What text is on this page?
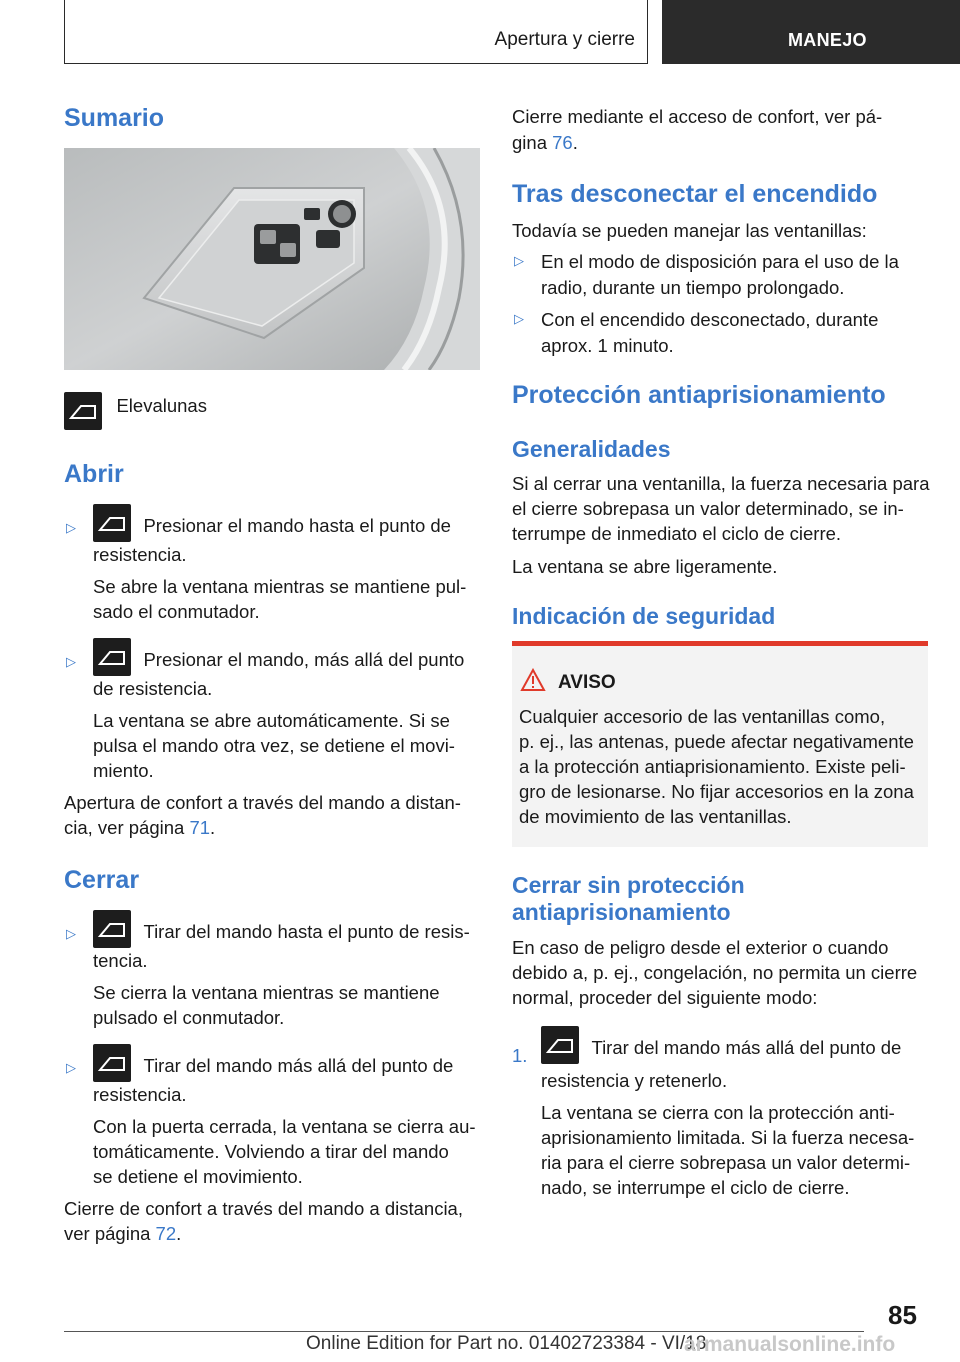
Apertura y cierre	MANEJO
Sumario
Elevalunas
Abrir
▷	Presionar el mando hasta el punto de
resistencia.
Se abre la ventana mientras se mantiene pul-
sado el conmutador.
▷	Presionar el mando, más allá del punto
de resistencia.
La ventana se abre automáticamente. Si se
pulsa el mando otra vez, se detiene el movi-
miento.
Apertura de confort a través del mando a distan-
cia, ver página 71.
Cerrar
▷	Tirar del mando hasta el punto de resis-
tencia.
Se cierra la ventana mientras se mantiene
pulsado el conmutador.
▷	Tirar del mando más allá del punto de
resistencia.
Con la puerta cerrada, la ventana se cierra au-
tomáticamente. Volviendo a tirar del mando
se detiene el movimiento.
Cierre de confort a través del mando a distancia,
ver página 72.
Cierre mediante el acceso de confort, ver pá-
gina 76.
Tras desconectar el encendido
Todavía se pueden manejar las ventanillas:
▷ En el modo de disposición para el uso de la
radio, durante un tiempo prolongado.
▷ Con el encendido desconectado, durante
aprox. 1 minuto.
Protección antiaprisionamiento
Generalidades
Si al cerrar una ventanilla, la fuerza necesaria para
el cierre sobrepasa un valor determinado, se in-
terrumpe de inmediato el ciclo de cierre.
La ventana se abre ligeramente.
Indicación de seguridad
AVISO
Cualquier accesorio de las ventanillas como,
p. ej., las antenas, puede afectar negativamente
a la protección antiaprisionamiento. Existe peli-
gro de lesionarse. No fijar accesorios en la zona
de movimiento de las ventanillas.
Cerrar sin protección
antiaprisionamiento
En caso de peligro desde el exterior o cuando
debido a, p. ej., congelación, no permita un cierre
normal, proceder del siguiente modo:
1.	Tirar del mando más allá del punto de
resistencia y retenerlo.
La ventana se cierra con la protección anti-
aprisionamiento limitada. Si la fuerza necesa-
ria para el cierre sobrepasa un valor determi-
nado, se interrumpe el ciclo de cierre.
85
Online Edition for Part no. 01402723384 - VI/18
armanualsonline.info
